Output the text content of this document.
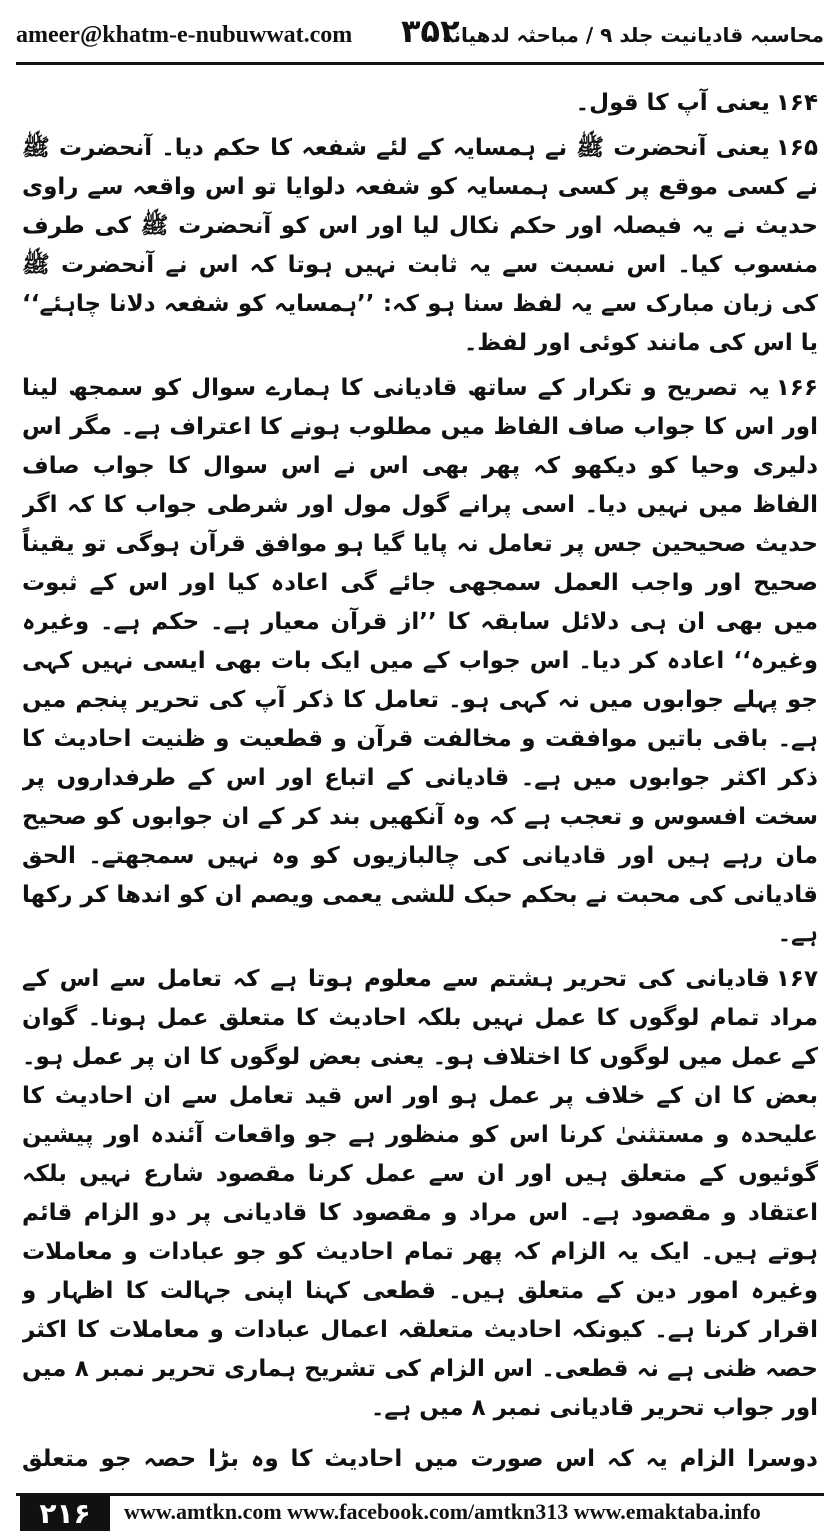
ameer@khatm-e-nubuwwat.com ۳۵۲
محاسبہ قادیانیت جلد ۹ / مباحثہ لدھیانہ

۱۶۴یعنی آپ کا قول۔

۱۶۵یعنی آنحضرت ﷺ نے ہمسایہ کے لئے شفعہ کا حکم دیا۔ آنحضرت ﷺ نے کسی موقع پر کسی ہمسایہ کو شفعہ دلوایا تو اس واقعہ سے راوی حدیث نے یہ فیصلہ اور حکم نکال لیا اور اس کو آنحضرت ﷺ کی طرف منسوب کیا۔ اس نسبت سے یہ ثابت نہیں ہوتا کہ اس نے آنحضرت ﷺ کی زبان مبارک سے یہ لفظ سنا ہو کہ: ’’ہمسایہ کو شفعہ دلانا چاہئے‘‘ یا اس کی مانند کوئی اور لفظ۔

۱۶۶یہ تصریح و تکرار کے ساتھ قادیانی کا ہمارے سوال کو سمجھ لینا اور اس کا جواب صاف الفاظ میں مطلوب ہونے کا اعتراف ہے۔ مگر اس دلیری وحیا کو دیکھو کہ پھر بھی اس نے اس سوال کا جواب صاف الفاظ میں نہیں دیا۔ اسی پرانے گول مول اور شرطی جواب کا کہ اگر حدیث صحیحین جس پر تعامل نہ پایا گیا ہو موافق قرآن ہوگی تو یقیناً صحیح اور واجب العمل سمجھی جائے گی اعادہ کیا اور اس کے ثبوت میں بھی ان ہی دلائل سابقہ کا ’’از قرآن معیار ہے۔ حکم ہے۔ وغیرہ وغیرہ‘‘ اعادہ کر دیا۔ اس جواب کے میں ایک بات بھی ایسی نہیں کہی جو پہلے جوابوں میں نہ کہی ہو۔ تعامل کا ذکر آپ کی تحریر پنجم میں ہے۔ باقی باتیں موافقت و مخالفت قرآن و قطعیت و ظنیت احادیث کا ذکر اکثر جوابوں میں ہے۔ قادیانی کے اتباع اور اس کے طرفداروں پر سخت افسوس و تعجب ہے کہ وہ آنکھیں بند کر کے ان جوابوں کو صحیح مان رہے ہیں اور قادیانی کی چالبازیوں کو وہ نہیں سمجھتے۔ الحق قادیانی کی محبت نے بحکم حبک للشی یعمی ویصم ان کو اندھا کر رکھا ہے۔

۱۶۷قادیانی کی تحریر ہشتم سے معلوم ہوتا ہے کہ تعامل سے اس کے مراد تمام لوگوں کا عمل نہیں بلکہ احادیث کا متعلق عمل ہونا۔ گوان کے عمل میں لوگوں کا اختلاف ہو۔ یعنی بعض لوگوں کا ان پر عمل ہو۔ بعض کا ان کے خلاف پر عمل ہو اور اس قید تعامل سے ان احادیث کا علیحدہ و مستثنیٰ کرنا اس کو منظور ہے جو واقعات آئندہ اور پیشین گوئیوں کے متعلق ہیں اور ان سے عمل کرنا مقصود شارع نہیں بلکہ اعتقاد و مقصود ہے۔ اس مراد و مقصود کا قادیانی پر دو الزام قائم ہوتے ہیں۔ ایک یہ الزام کہ پھر تمام احادیث کو جو عبادات و معاملات وغیرہ امور دین کے متعلق ہیں۔ قطعی کہنا اپنی جہالت کا اظہار و اقرار کرنا ہے۔ کیونکہ احادیث متعلقہ اعمال عبادات و معاملات کا اکثر حصہ ظنی ہے نہ قطعی۔ اس الزام کی تشریح ہماری تحریر نمبر ۸ میں اور جواب تحریر قادیانی نمبر ۸ میں ہے۔

دوسرا الزام یہ کہ اس صورت میں احادیث کا وہ بڑا حصہ جو متعلق

۲۱۶	www.amtkn.com www.facebook.com/amtkn313 www.emaktaba.info
